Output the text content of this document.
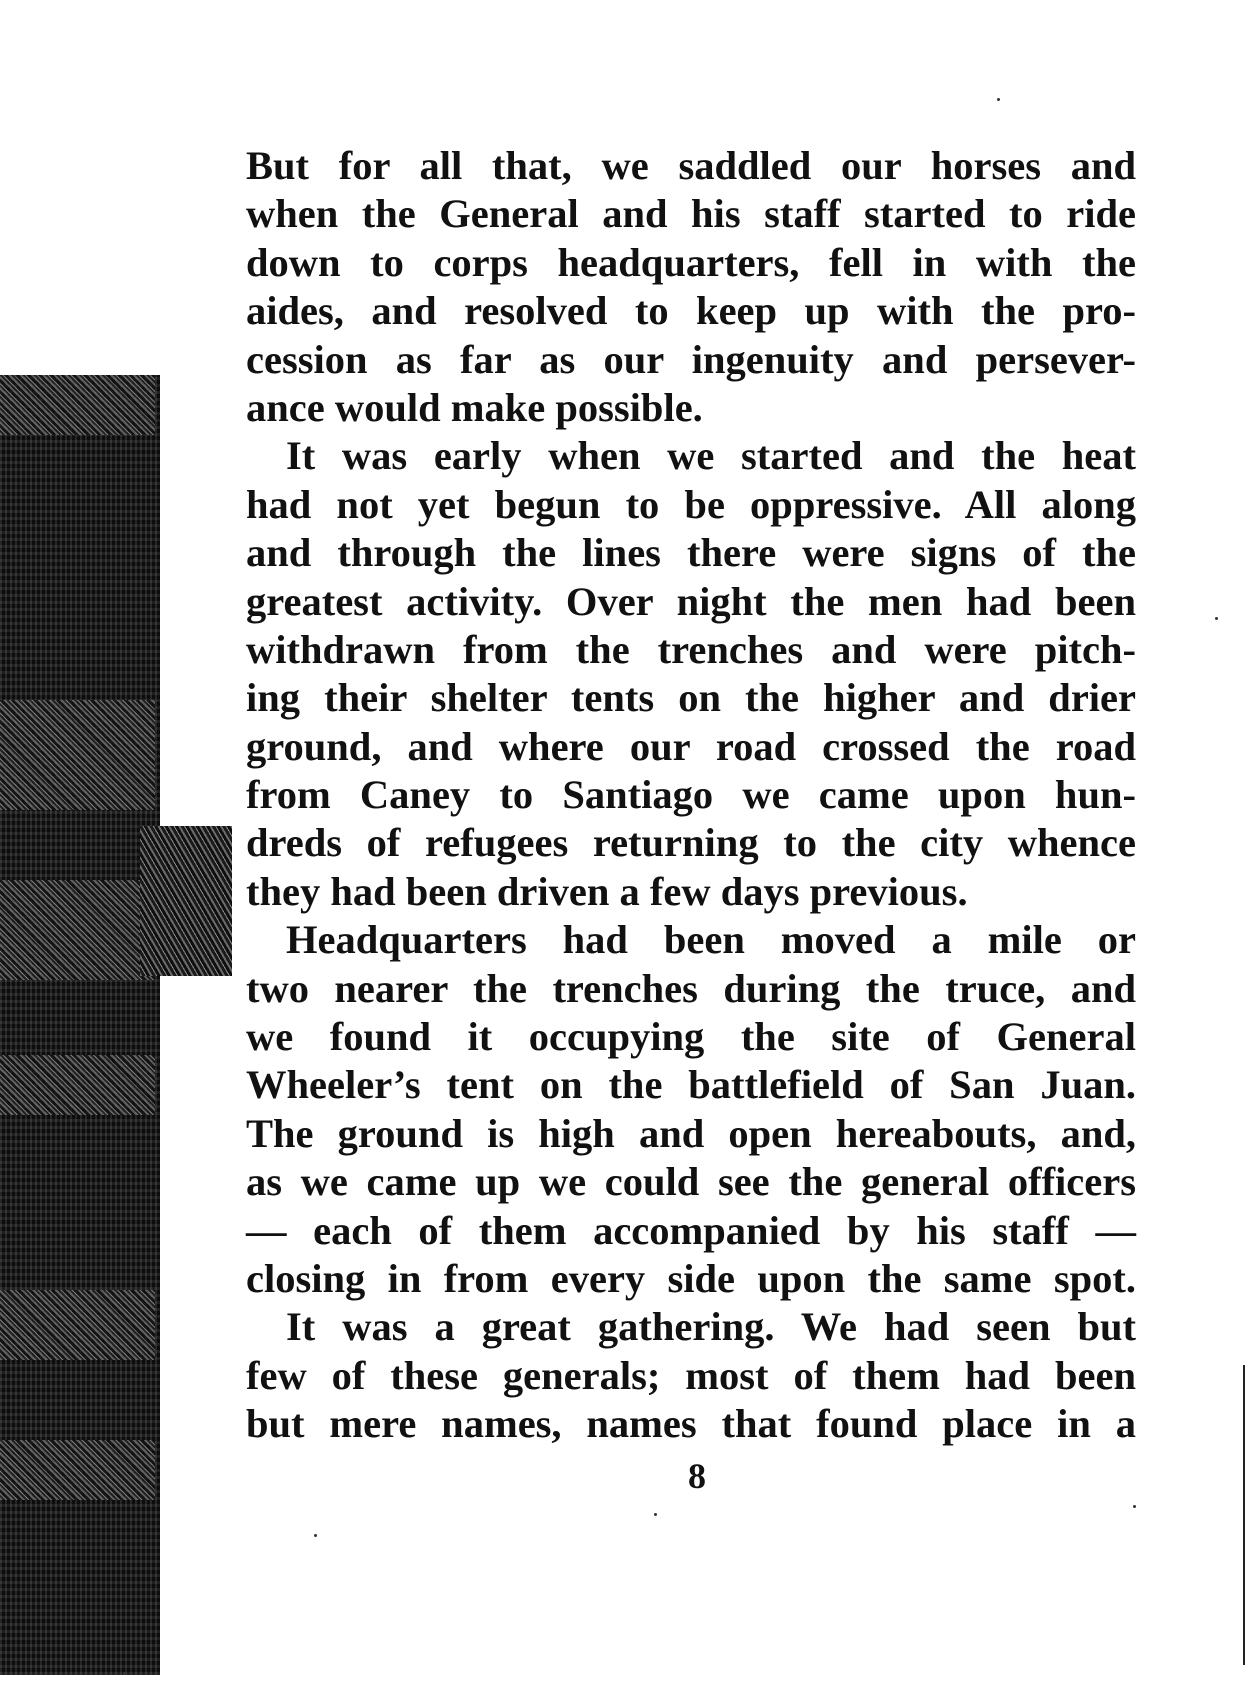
But for all that, we saddled our horses and
when the General and his staff started to ride
down to corps headquarters, fell in with the
aides, and resolved to keep up with the pro-
cession as far as our ingenuity and persever-
ance would make possible.
It was early when we started and the heat
had not yet begun to be oppressive. All along
and through the lines there were signs of the
greatest activity. Over night the men had been
withdrawn from the trenches and were pitch-
ing their shelter tents on the higher and drier
ground, and where our road crossed the road
from Caney to Santiago we came upon hun-
dreds of refugees returning to the city whence
they had been driven a few days previous.
Headquarters had been moved a mile or
two nearer the trenches during the truce, and
we found it occupying the site of General
Wheeler’s tent on the battlefield of San Juan.
The ground is high and open hereabouts, and,
as we came up we could see the general officers
— each of them accompanied by his staff —
closing in from every side upon the same spot.
It was a great gathering. We had seen but
few of these generals; most of them had been
but mere names, names that found place in a
8
